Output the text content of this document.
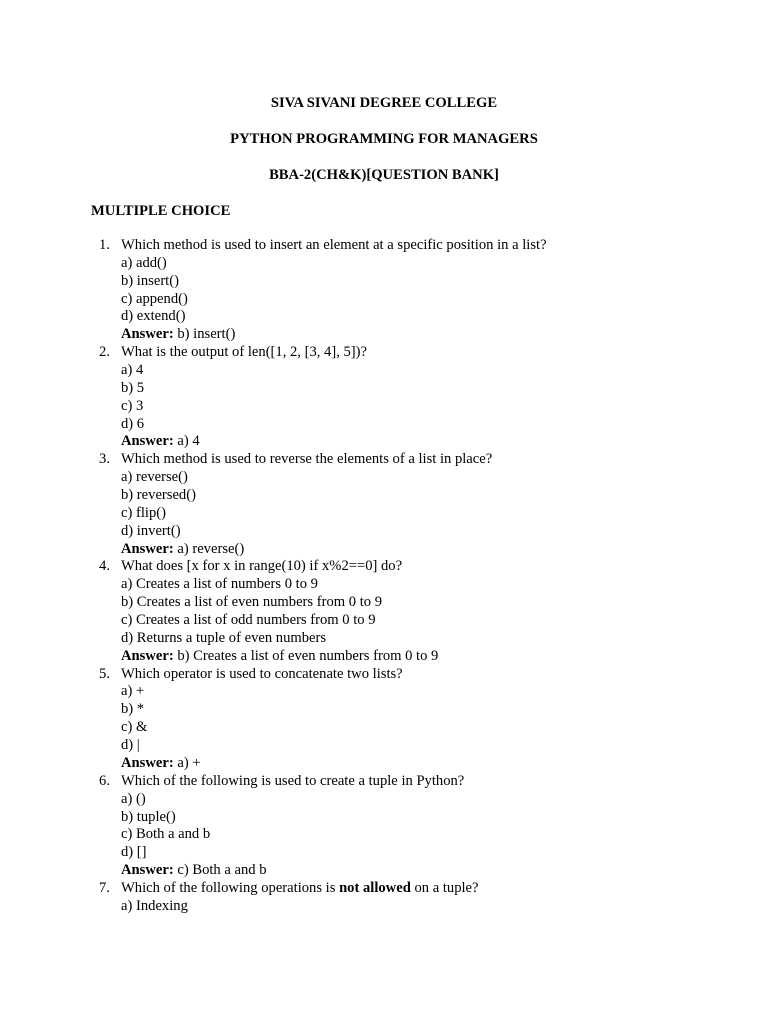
SIVA SIVANI DEGREE COLLEGE
PYTHON PROGRAMMING FOR MANAGERS
BBA-2(CH&K)[QUESTION BANK]
MULTIPLE CHOICE
1. Which method is used to insert an element at a specific position in a list?
a) add()
b) insert()
c) append()
d) extend()
Answer: b) insert()
2. What is the output of len([1, 2, [3, 4], 5])?
a) 4
b) 5
c) 3
d) 6
Answer: a) 4
3. Which method is used to reverse the elements of a list in place?
a) reverse()
b) reversed()
c) flip()
d) invert()
Answer: a) reverse()
4. What does [x for x in range(10) if x%2==0] do?
a) Creates a list of numbers 0 to 9
b) Creates a list of even numbers from 0 to 9
c) Creates a list of odd numbers from 0 to 9
d) Returns a tuple of even numbers
Answer: b) Creates a list of even numbers from 0 to 9
5. Which operator is used to concatenate two lists?
a) +
b) *
c) &
d) |
Answer: a) +
6. Which of the following is used to create a tuple in Python?
a) ()
b) tuple()
c) Both a and b
d) []
Answer: c) Both a and b
7. Which of the following operations is not allowed on a tuple?
a) Indexing
